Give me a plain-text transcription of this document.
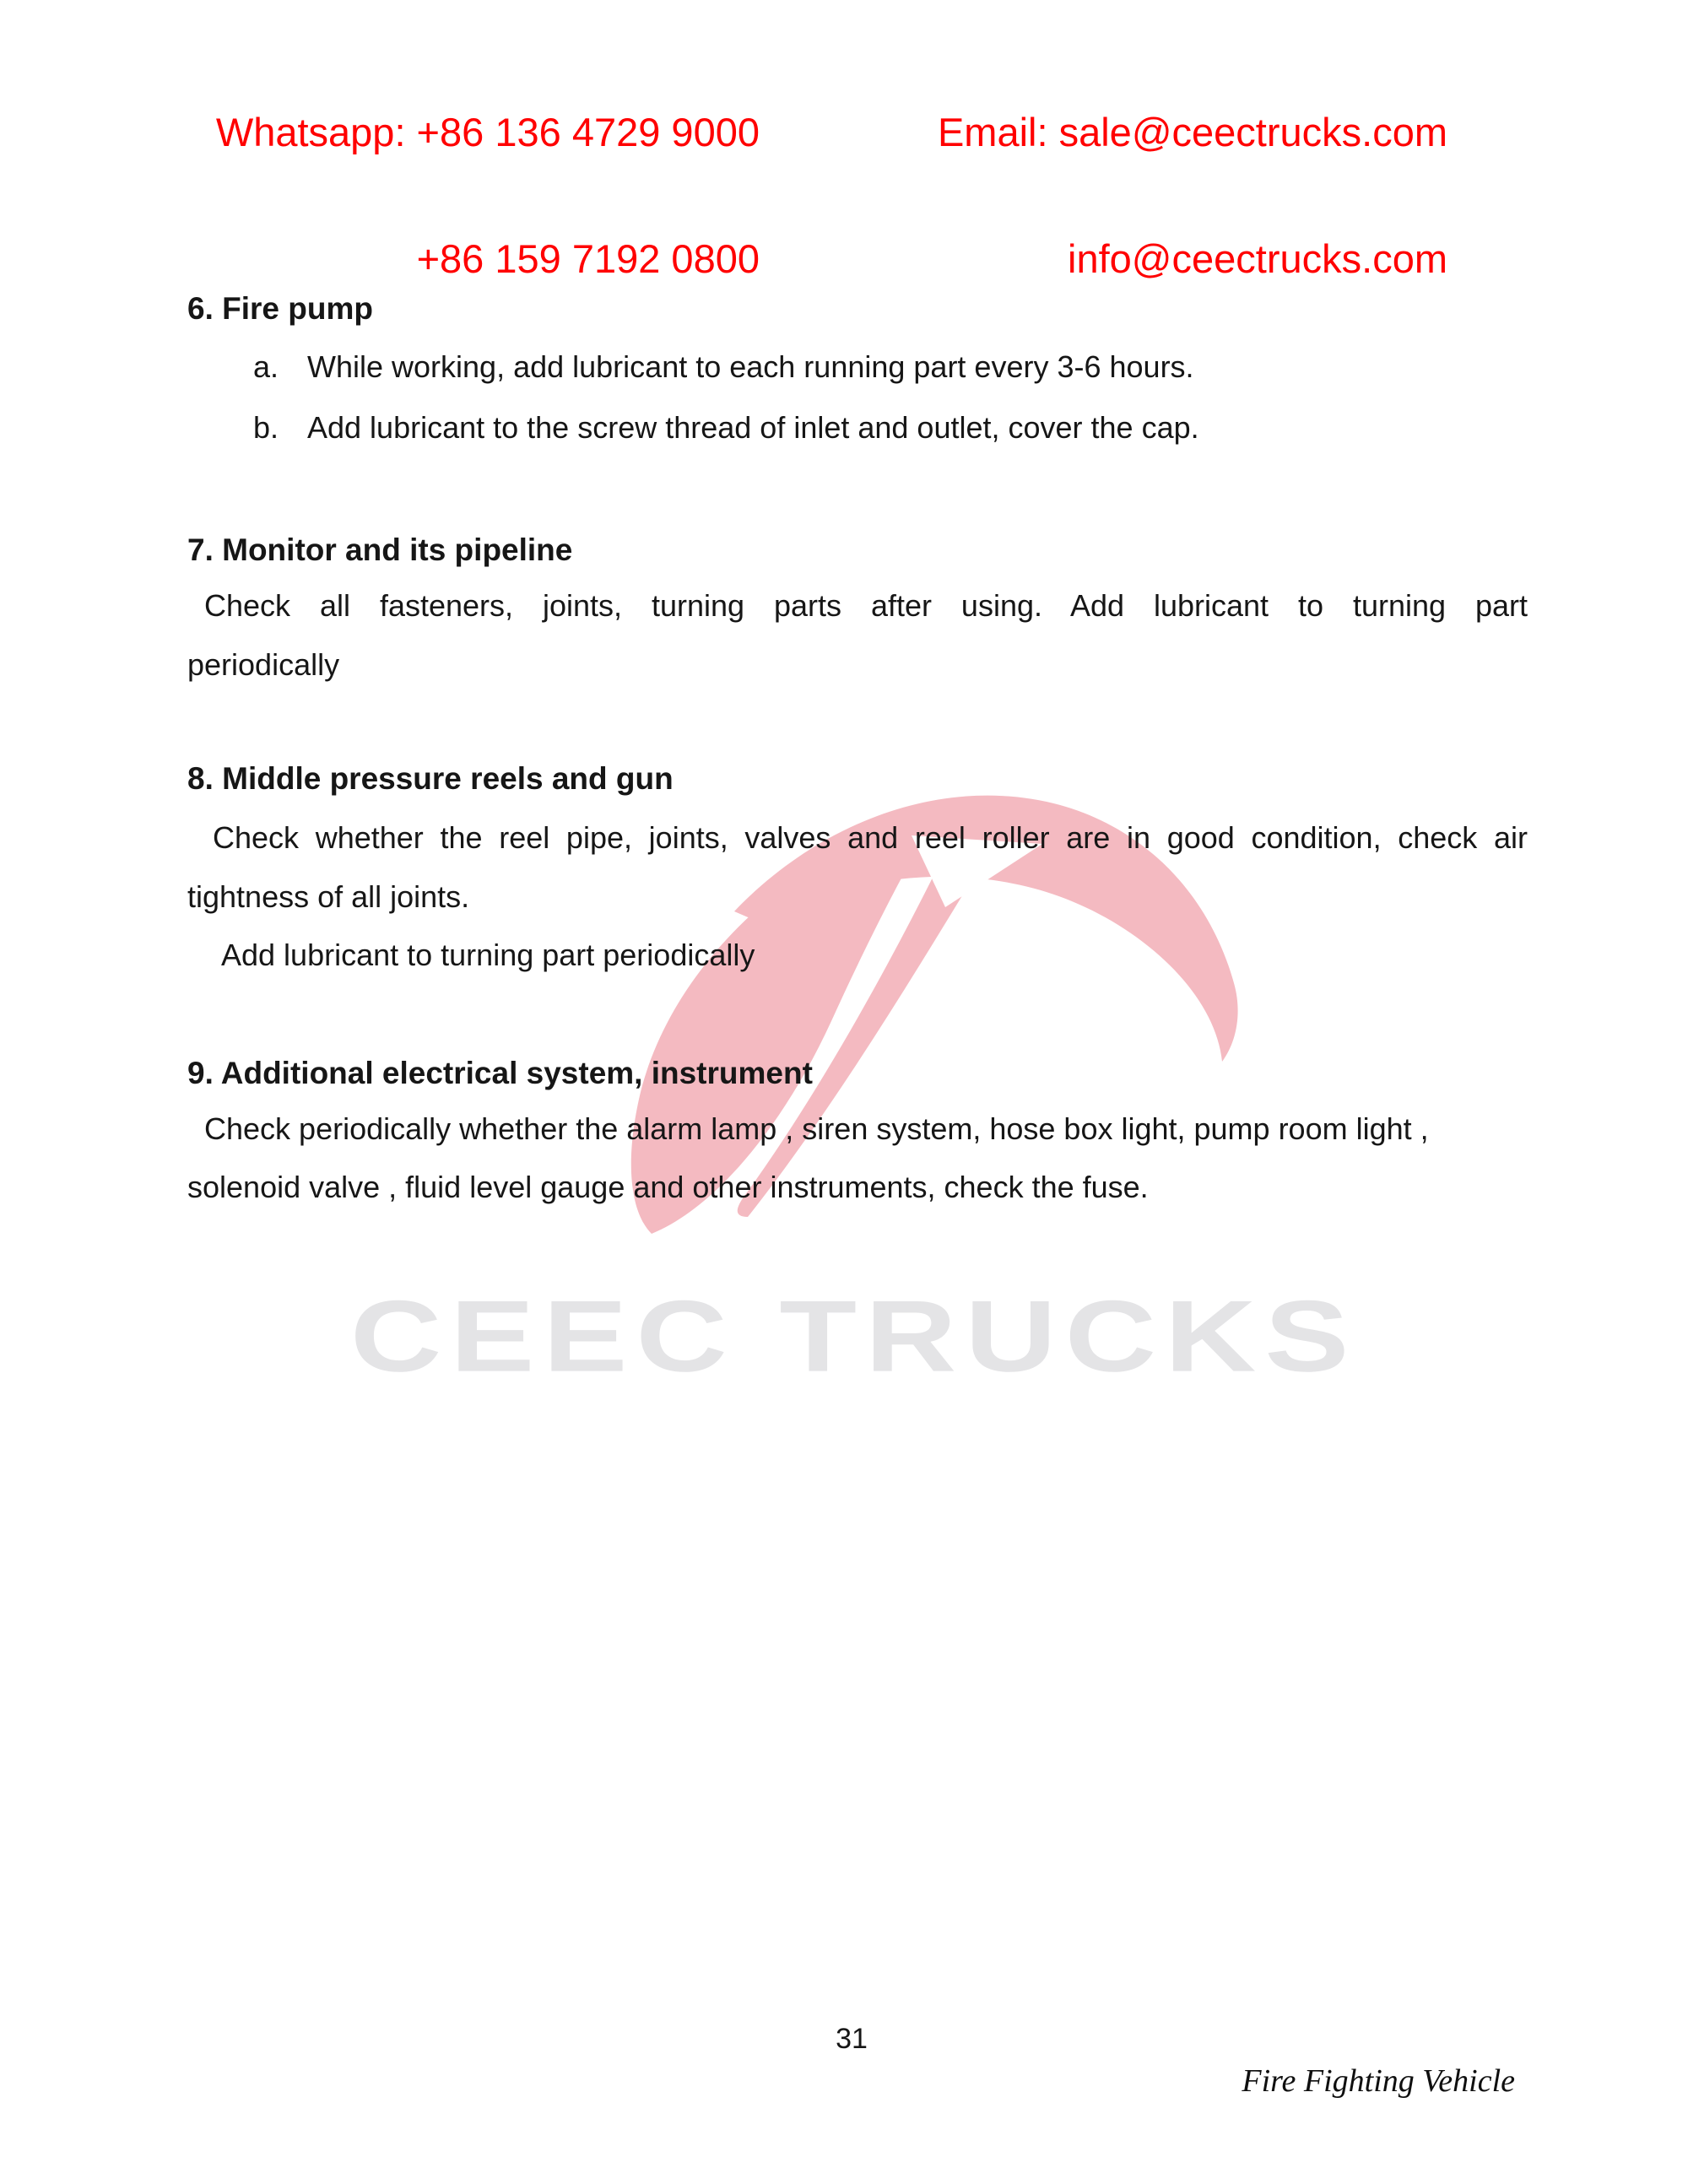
CEEC TRUCKS

Whatsapp: +86 136 4729 9000

+86 159 7192 0800

Email: sale@ceectrucks.com

info@ceectrucks.com

6. Fire pump
a. While working, add lubricant to each running part every 3-6 hours.
b. Add lubricant to the screw thread of inlet and outlet, cover the cap.
7. Monitor and its pipeline
Check all fasteners, joints, turning parts after using. Add lubricant to turning part
periodically
8. Middle pressure reels and gun
Check whether the reel pipe, joints, valves and reel roller are in good condition, check air
tightness of all joints.
Add lubricant to turning part periodically
9. Additional electrical system, instrument
Check periodically whether the alarm lamp , siren system, hose box light, pump room light ,
solenoid valve , fluid level gauge and other instruments, check the fuse.
31
Fire Fighting Vehicle
